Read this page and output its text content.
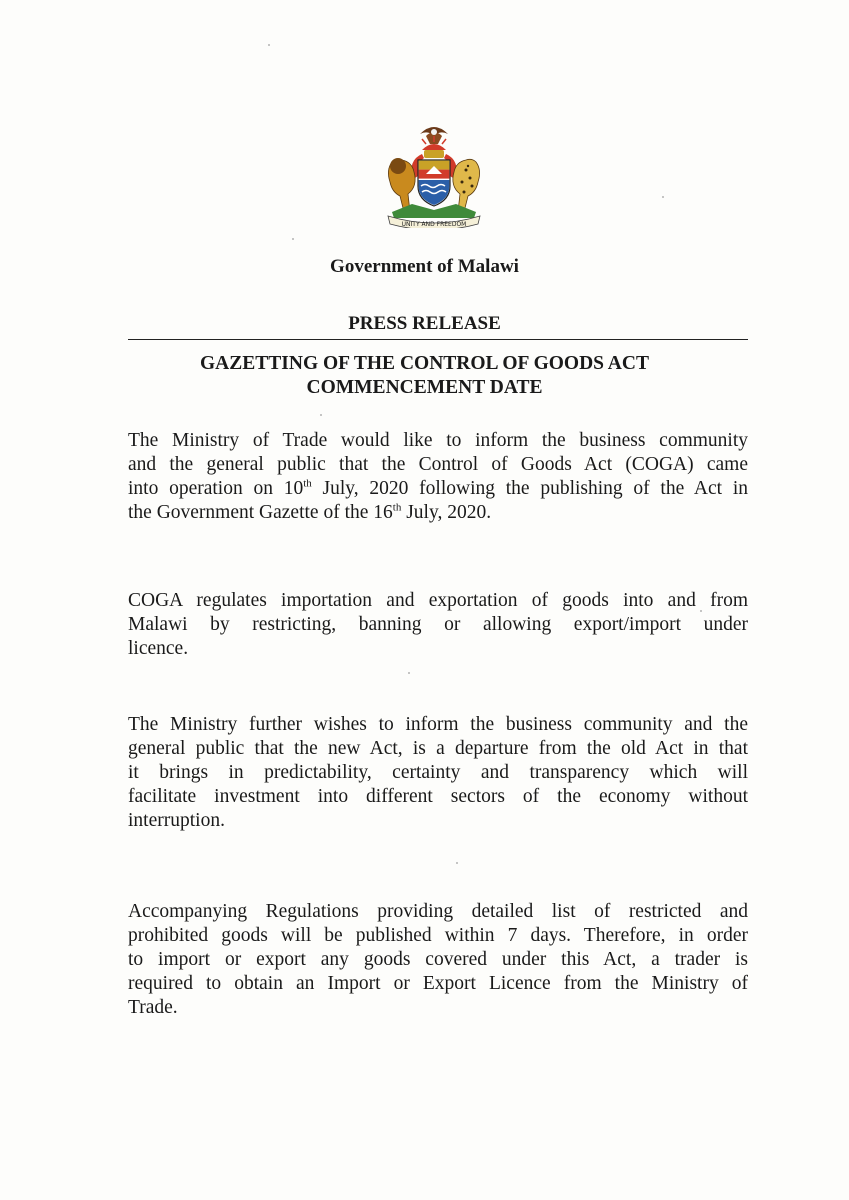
UNITY AND FREEDOM
Government of Malawi
PRESS RELEASE
GAZETTING OF THE CONTROL OF GOODS ACT
COMMENCEMENT DATE
The Ministry of Trade would like to inform the business community
and the general public that the Control of Goods Act (COGA) came
into operation on 10th July, 2020 following the publishing of the Act in
the Government Gazette of the 16th July, 2020.
COGA regulates importation and exportation of goods into and from
Malawi by restricting, banning or allowing export/import under
licence.
The Ministry further wishes to inform the business community and the
general public that the new Act, is a departure from the old Act in that
it brings in predictability, certainty and transparency which will
facilitate investment into different sectors of the economy without
interruption.
Accompanying Regulations providing detailed list of restricted and
prohibited goods will be published within 7 days. Therefore, in order
to import or export any goods covered under this Act, a trader is
required to obtain an Import or Export Licence from the Ministry of
Trade.
